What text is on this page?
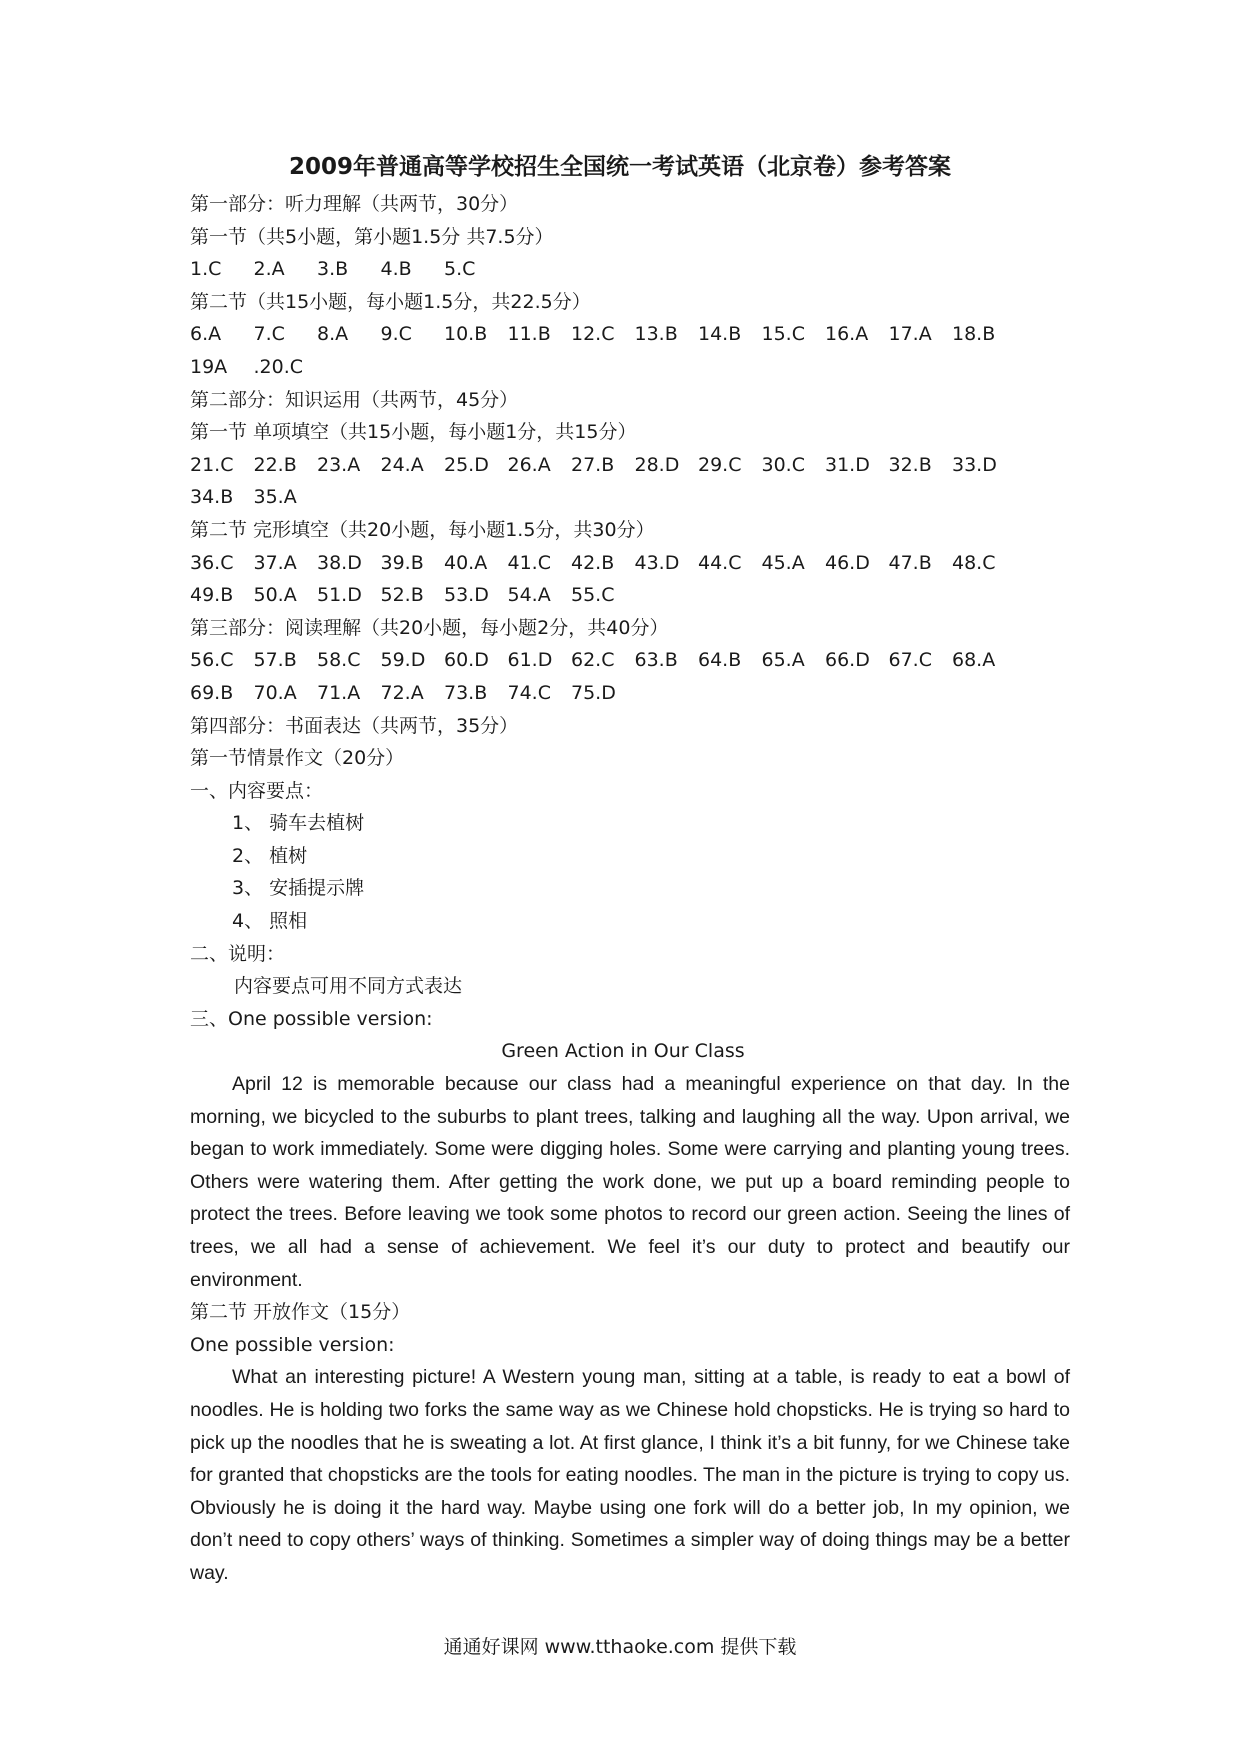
2009年普通高等学校招生全国统一考试英语（北京卷）参考答案
第一部分：听力理解（共两节，30分）
第一节（共5小题，第小题1.5分 共7.5分）
1.C	2.A	3.B	4.B	5.C
第二节（共15小题，每小题1.5分，共22.5分）
6.A	7.C	8.A	9.C	10.B	11.B	12.C	13.B	14.B	15.C	16.A	17.A	18.B
19A	.20.C
第二部分：知识运用（共两节，45分）
第一节 单项填空（共15小题，每小题1分，共15分）
21.C	22.B	23.A	24.A	25.D 26.A	27.B	28.D 29.C	30.C	31.D 32.B	33.D
34.B	35.A
第二节 完形填空（共20小题，每小题1.5分，共30分）
36.C	37.A	38.D 39.B	40.A	41.C	42.B	43.D 44.C	45.A	46.D 47.B	48.C
49.B	50.A	51.D 52.B	53.D 54.A	55.C
第三部分：阅读理解（共20小题，每小题2分，共40分）
56.C	57.B	58.C	59.D 60.D 61.D 62.C	63.B	64.B	65.A	66.D 67.C	68.A
69.B	70.A	71.A	72.A	73.B	74.C	75.D
第四部分：书面表达（共两节，35分）
第一节情景作文（20分）
一、内容要点：
1、 骑车去植树
2、 植树
3、 安插提示牌
4、 照相
二、说明：
内容要点可用不同方式表达
三、One possible version:
Green Action in Our Class
April 12 is memorable because our class had a meaningful experience on that day. In the morning, we bicycled to the suburbs to plant trees, talking and laughing all the way. Upon arrival, we began to work immediately. Some were digging holes. Some were carrying and planting young trees. Others were watering them. After getting the work done, we put up a board reminding people to protect the trees. Before leaving we took some photos to record our green action. Seeing the lines of trees, we all had a sense of achievement. We feel it’s our duty to protect and beautify our environment.
第二节 开放作文（15分）
One possible version:
What an interesting picture! A Western young man, sitting at a table, is ready to eat a bowl of noodles. He is holding two forks the same way as we Chinese hold chopsticks. He is trying so hard to pick up the noodles that he is sweating a lot. At first glance, I think it’s a bit funny, for we Chinese take for granted that chopsticks are the tools for eating noodles. The man in the picture is trying to copy us. Obviously he is doing it the hard way. Maybe using one fork will do a better job, In my opinion, we don’t need to copy others’ ways of thinking. Sometimes a simpler way of doing things may be a better way.
通通好课网 www.tthaoke.com 提供下载
